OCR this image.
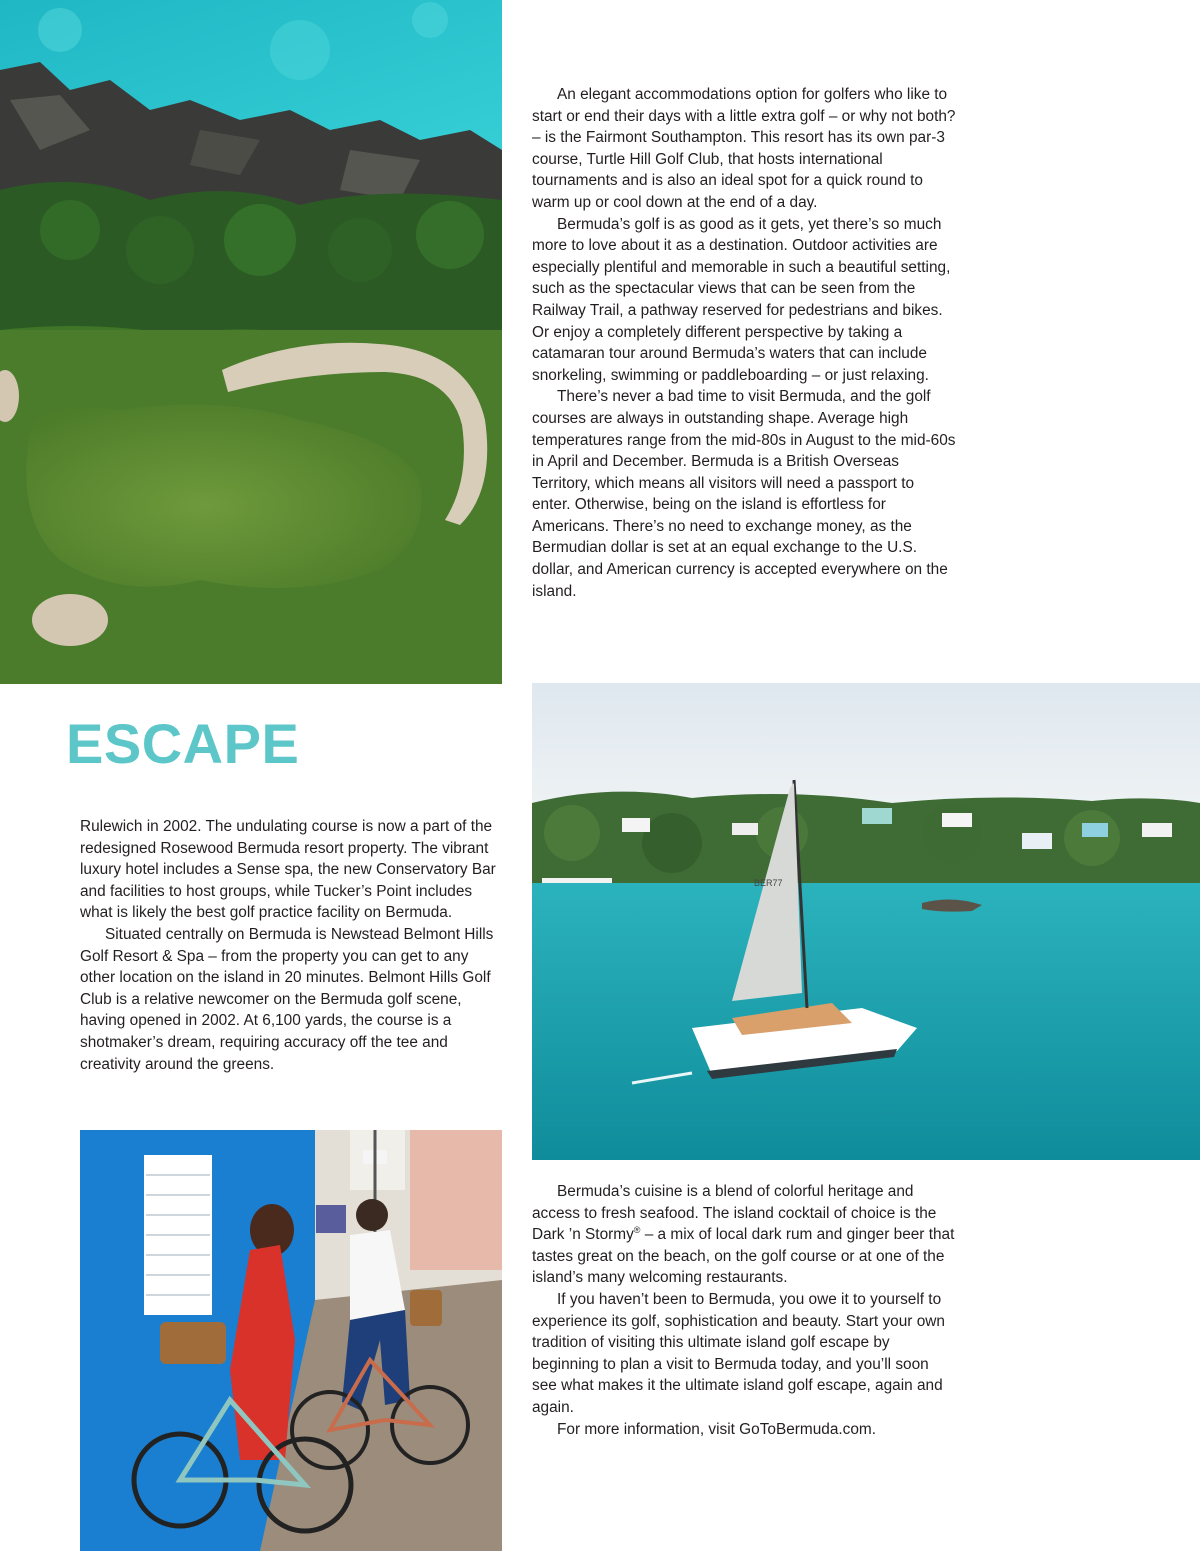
An elegant accommodations option for golfers who like to start or end their days with a little extra golf – or why not both? – is the Fairmont Southampton. This resort has its own par-3 course, Turtle Hill Golf Club, that hosts international tournaments and is also an ideal spot for a quick round to warm up or cool down at the end of a day.

Bermuda’s golf is as good as it gets, yet there’s so much more to love about it as a destination. Outdoor activities are especially plentiful and memorable in such a beautiful setting, such as the spectacular views that can be seen from the Railway Trail, a pathway reserved for pedestrians and bikes. Or enjoy a completely different perspective by taking a catamaran tour around Bermuda’s waters that can include snorkeling, swimming or paddleboarding – or just relaxing.

There’s never a bad time to visit Bermuda, and the golf courses are always in outstanding shape. Average high temperatures range from the mid-80s in August to the mid-60s in April and December. Bermuda is a British Overseas Territory, which means all visitors will need a passport to enter. Otherwise, being on the island is effortless for Americans. There’s no need to exchange money, as the Bermudian dollar is set at an equal exchange to the U.S. dollar, and American currency is accepted everywhere on the island.

ESCAPE

Rulewich in 2002. The undulating course is now a part of the redesigned Rosewood Bermuda resort property. The vibrant luxury hotel includes a Sense spa, the new Conservatory Bar and facilities to host groups, while Tucker’s Point includes what is likely the best golf practice facility on Bermuda.

Situated centrally on Bermuda is Newstead Belmont Hills Golf Resort & Spa – from the property you can get to any other location on the island in 20 minutes. Belmont Hills Golf Club is a relative newcomer on the Bermuda golf scene, having opened in 2002. At 6,100 yards, the course is a shotmaker’s dream, requiring accuracy off the tee and creativity around the greens.

BER77

Bermuda’s cuisine is a blend of colorful heritage and access to fresh seafood. The island cocktail of choice is the Dark ’n Stormy® – a mix of local dark rum and ginger beer that tastes great on the beach, on the golf course or at one of the island’s many welcoming restaurants.

If you haven’t been to Bermuda, you owe it to yourself to experience its golf, sophistication and beauty. Start your own tradition of visiting this ultimate island golf escape by beginning to plan a visit to Bermuda today, and you’ll soon see what makes it the ultimate island golf escape, again and again.

For more information, visit GoToBermuda.com.
